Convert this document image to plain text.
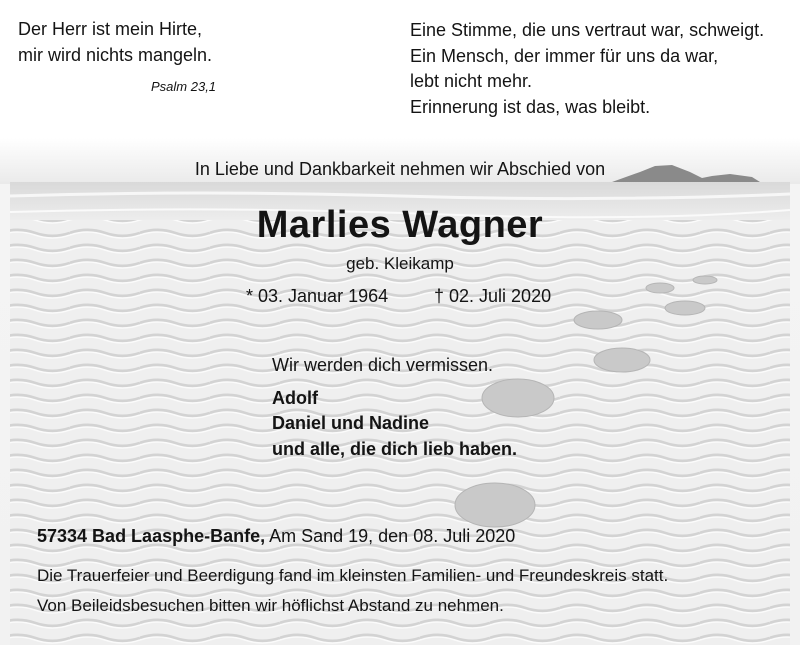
Der Herr ist mein Hirte,
mir wird nichts mangeln.
Psalm 23,1
Eine Stimme, die uns vertraut war, schweigt.
Ein Mensch, der immer für uns da war,
lebt nicht mehr.
Erinnerung ist das, was bleibt.
In Liebe und Dankbarkeit nehmen wir Abschied von
Marlies Wagner
geb. Kleikamp
* 03. Januar 1964	† 02. Juli 2020
Wir werden dich vermissen.
Adolf
Daniel und Nadine
und alle, die dich lieb haben.
57334 Bad Laasphe-Banfe, Am Sand 19, den 08. Juli 2020
Die Trauerfeier und Beerdigung fand im kleinsten Familien- und Freundeskreis statt.
Von Beileidsbesuchen bitten wir höflichst Abstand zu nehmen.
